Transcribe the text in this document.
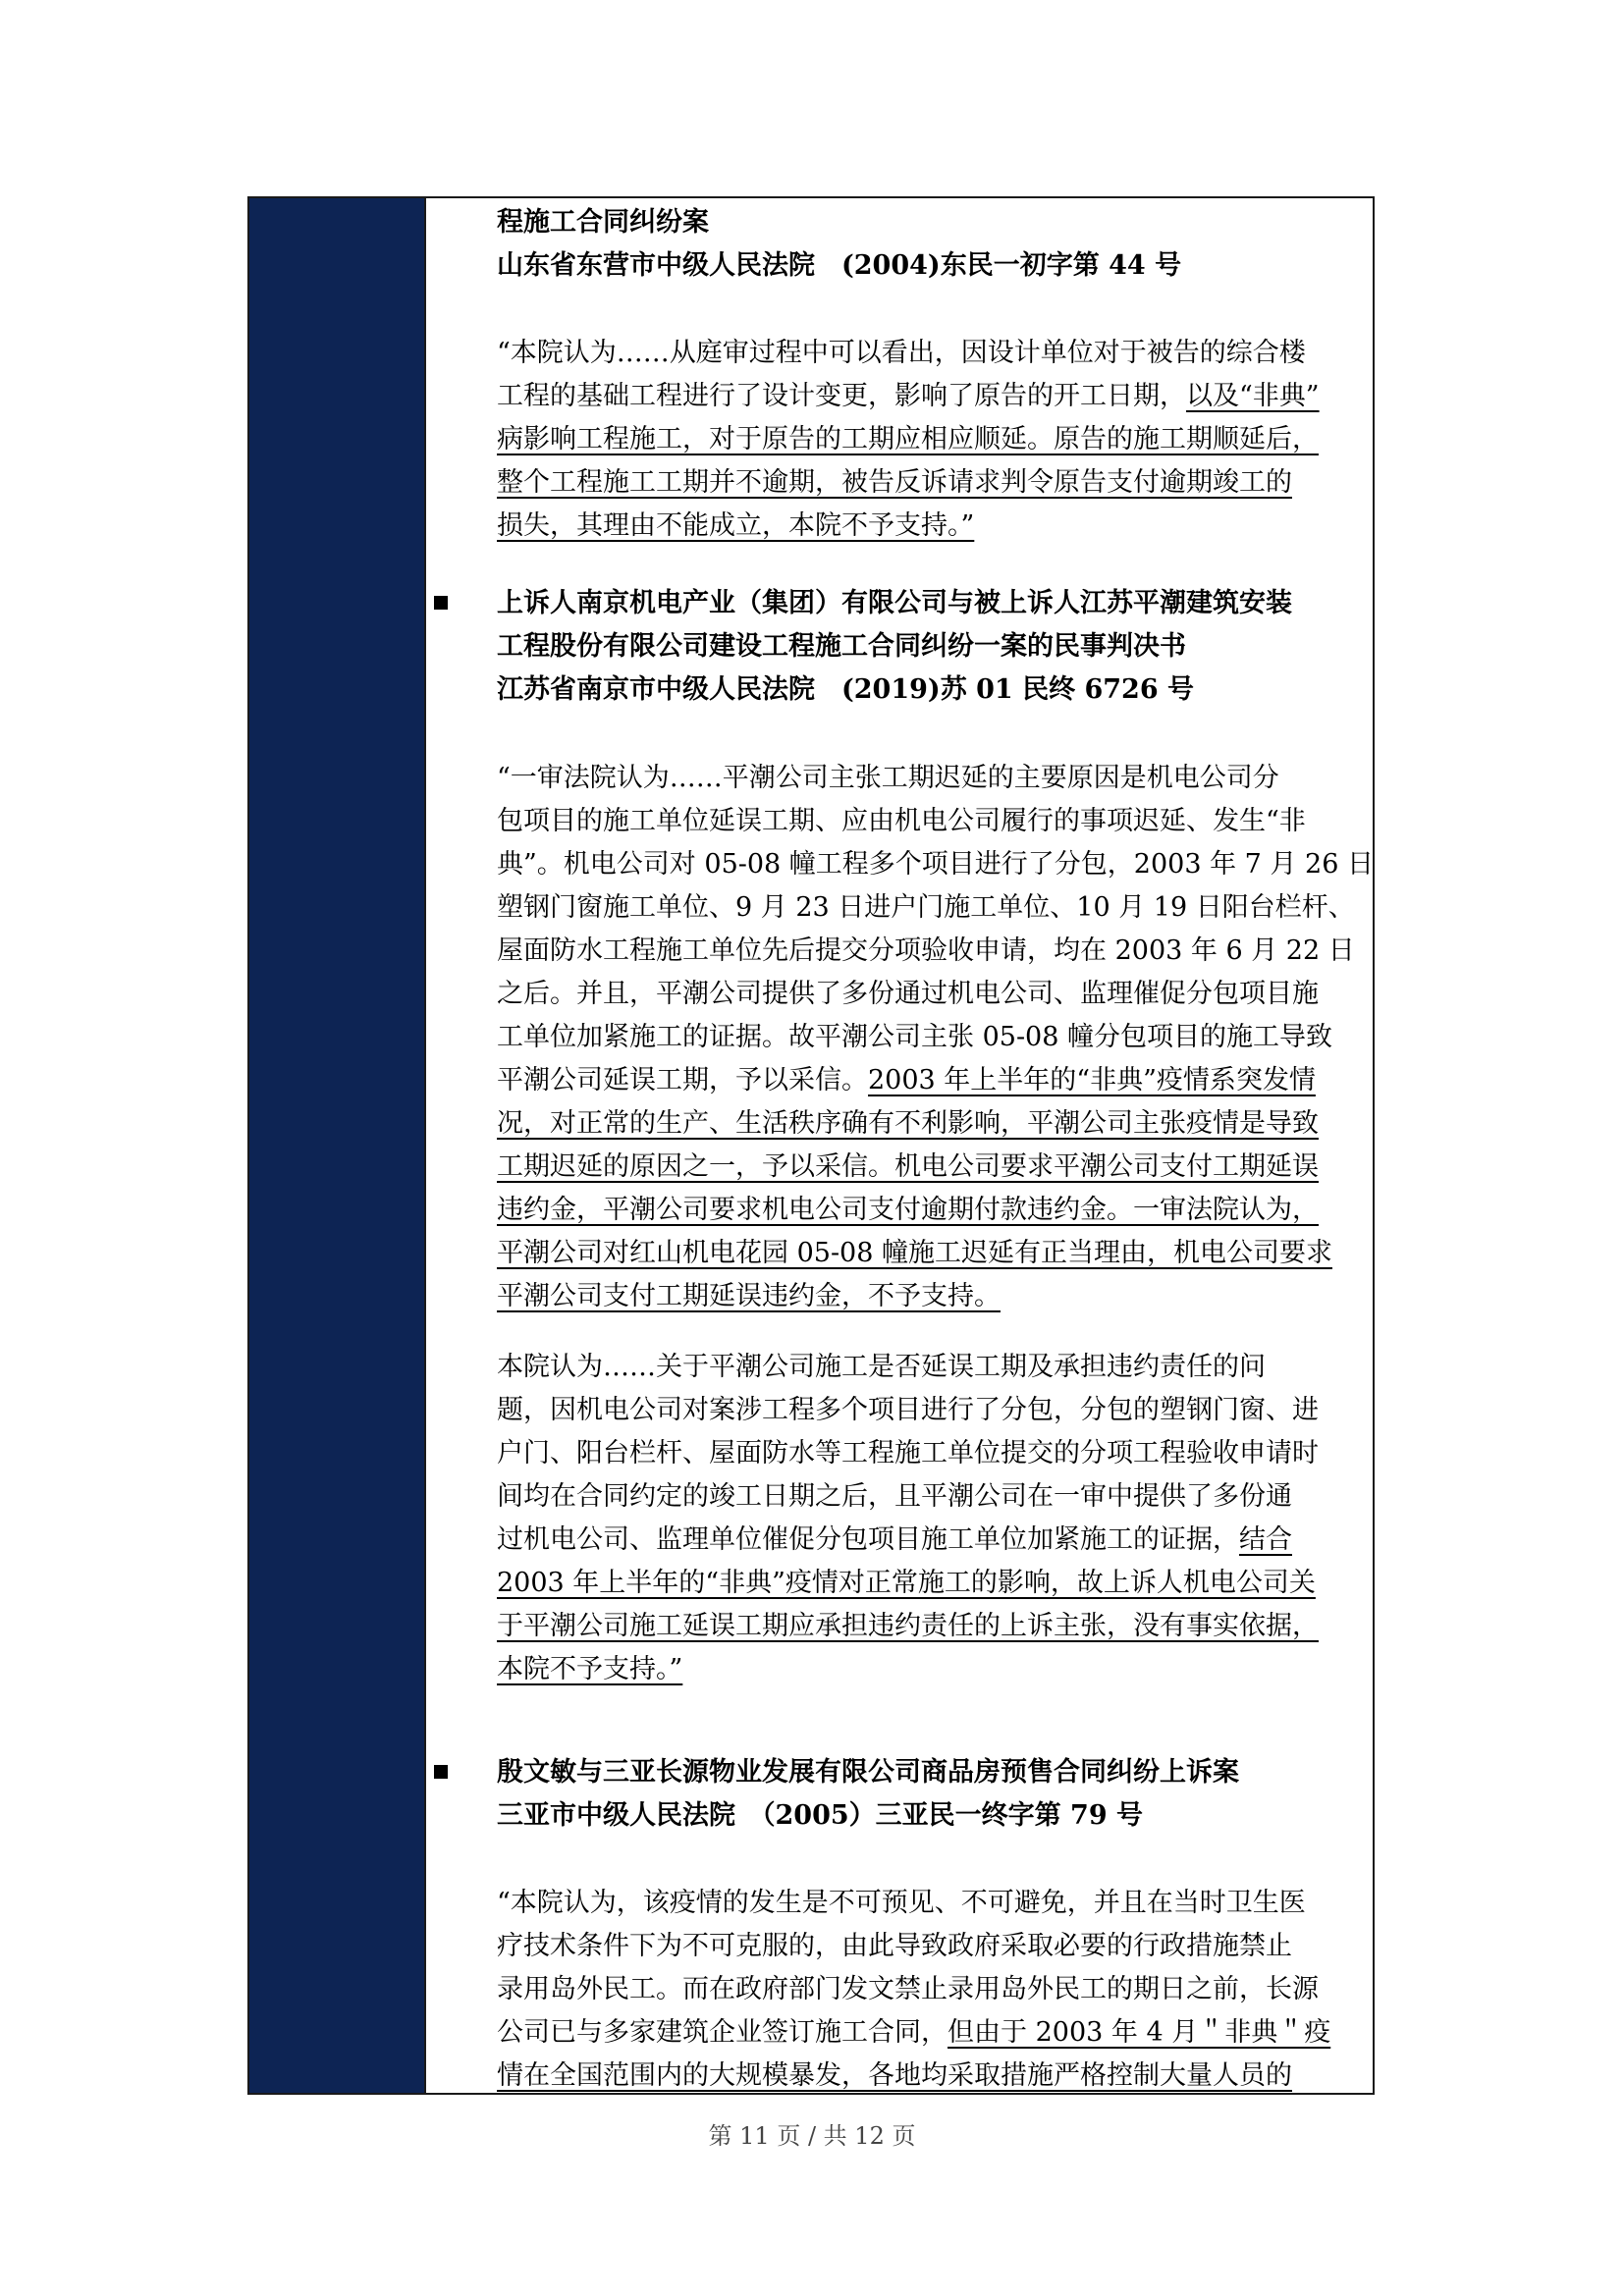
程施工合同纠纷案

山东省东营市中级人民法院　(2004)东民一初字第 44 号

“本院认为……从庭审过程中可以看出，因设计单位对于被告的综合楼
工程的基础工程进行了设计变更，影响了原告的开工日期，以及“非典”
病影响工程施工，对于原告的工期应相应顺延。原告的施工期顺延后，
整个工程施工工期并不逾期，被告反诉请求判令原告支付逾期竣工的
损失，其理由不能成立，本院不予支持。”

上诉人南京机电产业（集团）有限公司与被上诉人江苏平潮建筑安装

工程股份有限公司建设工程施工合同纠纷一案的民事判决书

江苏省南京市中级人民法院　(2019)苏 01 民终 6726 号

“一审法院认为……平潮公司主张工期迟延的主要原因是机电公司分
包项目的施工单位延误工期、应由机电公司履行的事项迟延、发生“非
典”。机电公司对 05-08 幢工程多个项目进行了分包，2003 年 7 月 26 日
塑钢门窗施工单位、9 月 23 日进户门施工单位、10 月 19 日阳台栏杆、
屋面防水工程施工单位先后提交分项验收申请，均在 2003 年 6 月 22 日
之后。并且，平潮公司提供了多份通过机电公司、监理催促分包项目施
工单位加紧施工的证据。故平潮公司主张 05-08 幢分包项目的施工导致
平潮公司延误工期，予以采信。2003 年上半年的“非典”疫情系突发情
况，对正常的生产、生活秩序确有不利影响，平潮公司主张疫情是导致
工期迟延的原因之一，予以采信。机电公司要求平潮公司支付工期延误
违约金，平潮公司要求机电公司支付逾期付款违约金。一审法院认为，
平潮公司对红山机电花园 05-08 幢施工迟延有正当理由，机电公司要求
平潮公司支付工期延误违约金，不予支持。
本院认为……关于平潮公司施工是否延误工期及承担违约责任的问
题，因机电公司对案涉工程多个项目进行了分包，分包的塑钢门窗、进
户门、阳台栏杆、屋面防水等工程施工单位提交的分项工程验收申请时
间均在合同约定的竣工日期之后，且平潮公司在一审中提供了多份通
过机电公司、监理单位催促分包项目施工单位加紧施工的证据，结合
2003 年上半年的“非典”疫情对正常施工的影响，故上诉人机电公司关
于平潮公司施工延误工期应承担违约责任的上诉主张，没有事实依据，
本院不予支持。”

殷文敏与三亚长源物业发展有限公司商品房预售合同纠纷上诉案

三亚市中级人民法院　（2005）三亚民一终字第 79 号

“本院认为，该疫情的发生是不可预见、不可避免，并且在当时卫生医
疗技术条件下为不可克服的，由此导致政府采取必要的行政措施禁止
录用岛外民工。而在政府部门发文禁止录用岛外民工的期日之前，长源
公司已与多家建筑企业签订施工合同，但由于 2003 年 4 月＂非典＂疫
情在全国范围内的大规模暴发，各地均采取措施严格控制大量人员的
第 11 页 / 共 12 页
